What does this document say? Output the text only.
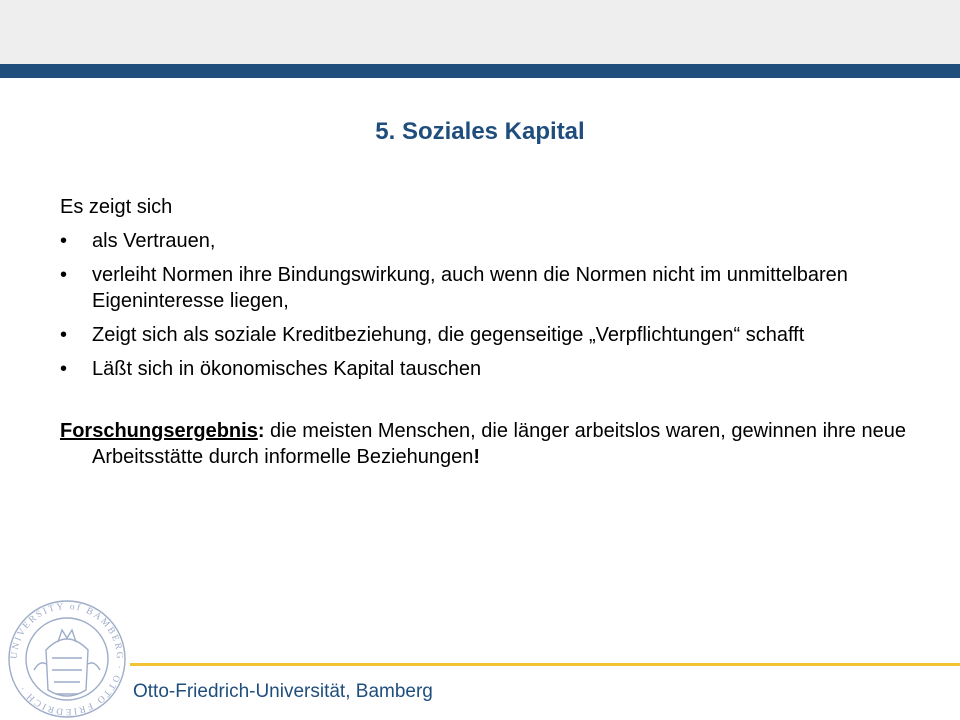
5. Soziales Kapital
Es zeigt sich
• als Vertrauen,
• verleiht Normen ihre Bindungswirkung, auch wenn die Normen nicht im unmittelbaren Eigeninteresse liegen,
• Zeigt sich als soziale Kreditbeziehung, die gegenseitige „Verpflichtungen“ schafft
• Läßt sich in ökonomisches Kapital tauschen
Forschungsergebnis: die meisten Menschen, die länger arbeitslos waren, gewinnen ihre neue Arbeitsstätte durch informelle Beziehungen!
UNIVERSITY of BAMBERG · OTTO FRIEDRICH ·	Otto-Friedrich-Universität, Bamberg
